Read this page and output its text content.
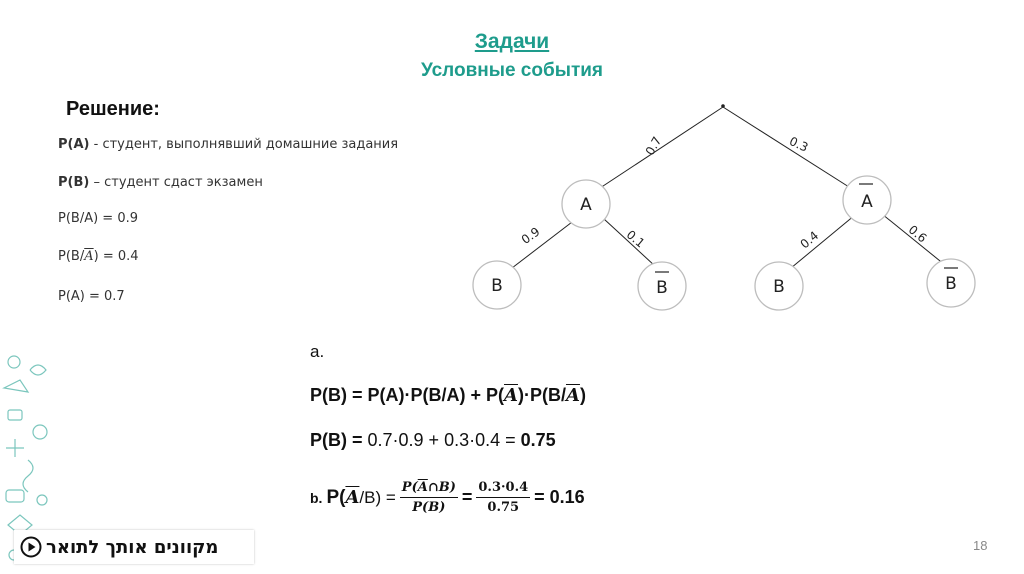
Задачи
Условные события
Решение:
P(A) - студент, выполнявший домашние задания
P(B) – студент сдаст экзамен
P(B/A) = 0.9
$P(B/\overline{A}) = 0.4$
P(A) = 0.7
A	A
B	B	B	B
0.7	0.3
0.9	0.1	0.4	0.6
a.
$P(B) = P(A)\cdot P(B/A) + P(\overline{A})\cdot P(B/\overline{A})$
P(B) = 0.7·0.9 + 0.3·0.4 = 0.75
b. P( $\overline{A}$ $/B) = \frac{P(\overline{A}\cap B)}{P(B)} = \frac{0.3\cdot 0.4}{0.75} = 0.16$
מקוונים אותך לתואר	18
